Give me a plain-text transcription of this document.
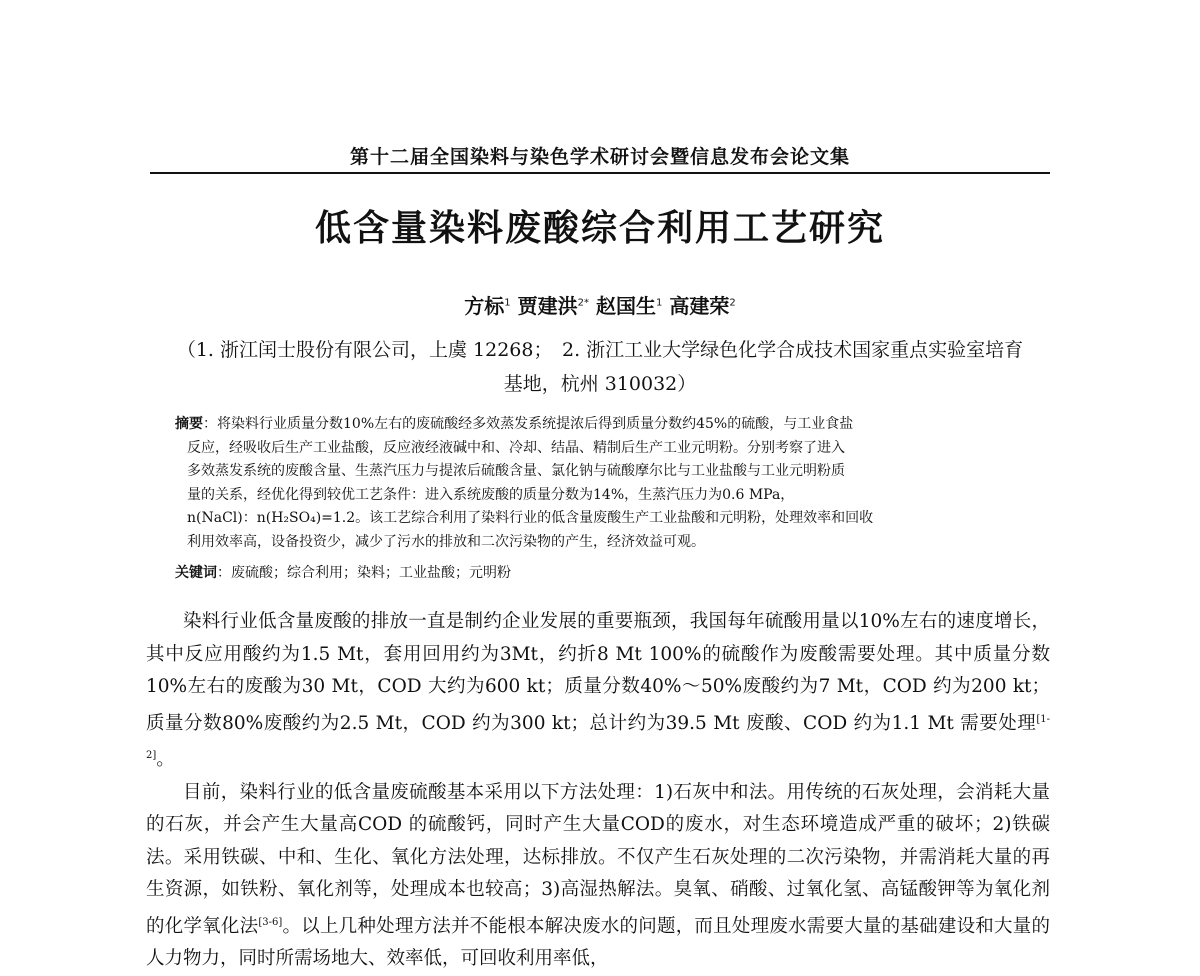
第十二届全国染料与染色学术研讨会暨信息发布会论文集
低含量染料废酸综合利用工艺研究
方标$^1$ 贾建洪$^{2*}$ 赵国生$^1$ 高建荣$^2$
（1. 浙江闰士股份有限公司，上虞 12268；　2. 浙江工业大学绿色化学合成技术国家重点实验室培育
基地，杭州 310032）
摘要：将染料行业质量分数10%左右的废硫酸经多效蒸发系统提浓后得到质量分数约45%的硫酸，与工业食盐
反应，经吸收后生产工业盐酸，反应液经液碱中和、冷却、结晶、精制后生产工业元明粉。分别考察了进入
多效蒸发系统的废酸含量、生蒸汽压力与提浓后硫酸含量、氯化钠与硫酸摩尔比与工业盐酸与工业元明粉质
量的关系，经优化得到较优工艺条件：进入系统废酸的质量分数为14%，生蒸汽压力为0.6 MPa，
n(NaCl)：n(H₂SO₄)=1.2。该工艺综合利用了染料行业的低含量废酸生产工业盐酸和元明粉，处理效率和回收
利用效率高，设备投资少，减少了污水的排放和二次污染物的产生，经济效益可观。
关键词：废硫酸；综合利用；染料；工业盐酸；元明粉

染料行业低含量废酸的排放一直是制约企业发展的重要瓶颈，我国每年硫酸用量以10%左右的速度增长，其中反应用酸约为1.5 Mt，套用回用约为3Mt，约折8 Mt 100%的硫酸作为废酸需要处理。其中质量分数10%左右的废酸为30 Mt，COD 大约为600 kt；质量分数40%～50%废酸约为7 Mt，COD 约为200 kt；质量分数80%废酸约为2.5 Mt，COD 约为300 kt；总计约为39.5 Mt 废酸、COD 约为1.1 Mt 需要处理[1-2]。

目前，染料行业的低含量废硫酸基本采用以下方法处理：1)石灰中和法。用传统的石灰处理，会消耗大量的石灰，并会产生大量高COD 的硫酸钙，同时产生大量COD的废水，对生态环境造成严重的破坏；2)铁碳法。采用铁碳、中和、生化、氧化方法处理，达标排放。不仅产生石灰处理的二次污染物，并需消耗大量的再生资源，如铁粉、氧化剂等，处理成本也较高；3)高湿热解法。臭氧、硝酸、过氧化氢、高锰酸钾等为氧化剂的化学氧化法[3-6]。以上几种处理方法并不能根本解决废水的问题，而且处理废水需要大量的基础建设和大量的人力物力，同时所需场地大、效率低，可回收利用率低，
